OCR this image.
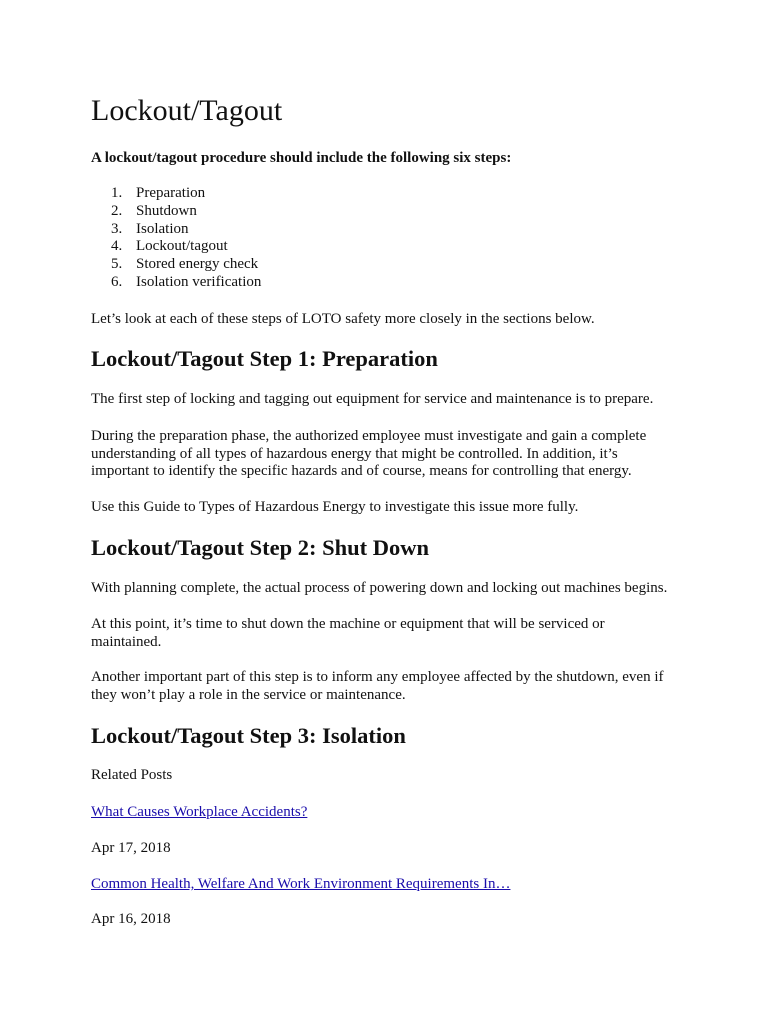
Lockout/Tagout

A lockout/tagout procedure should include the following six steps:

1. Preparation
2. Shutdown
3. Isolation
4. Lockout/tagout
5. Stored energy check
6. Isolation verification

Let’s look at each of these steps of LOTO safety more closely in the sections below.

Lockout/Tagout Step 1: Preparation

The first step of locking and tagging out equipment for service and maintenance is to prepare.

During the preparation phase, the authorized employee must investigate and gain a complete
understanding of all types of hazardous energy that might be controlled. In addition, it’s
important to identify the specific hazards and of course, means for controlling that energy.

Use this Guide to Types of Hazardous Energy to investigate this issue more fully.

Lockout/Tagout Step 2: Shut Down

With planning complete, the actual process of powering down and locking out machines begins.

At this point, it’s time to shut down the machine or equipment that will be serviced or
maintained.

Another important part of this step is to inform any employee affected by the shutdown, even if
they won’t play a role in the service or maintenance.

Lockout/Tagout Step 3: Isolation

Related Posts

What Causes Workplace Accidents?

Apr 17, 2018

Common Health, Welfare And Work Environment Requirements In…

Apr 16, 2018
